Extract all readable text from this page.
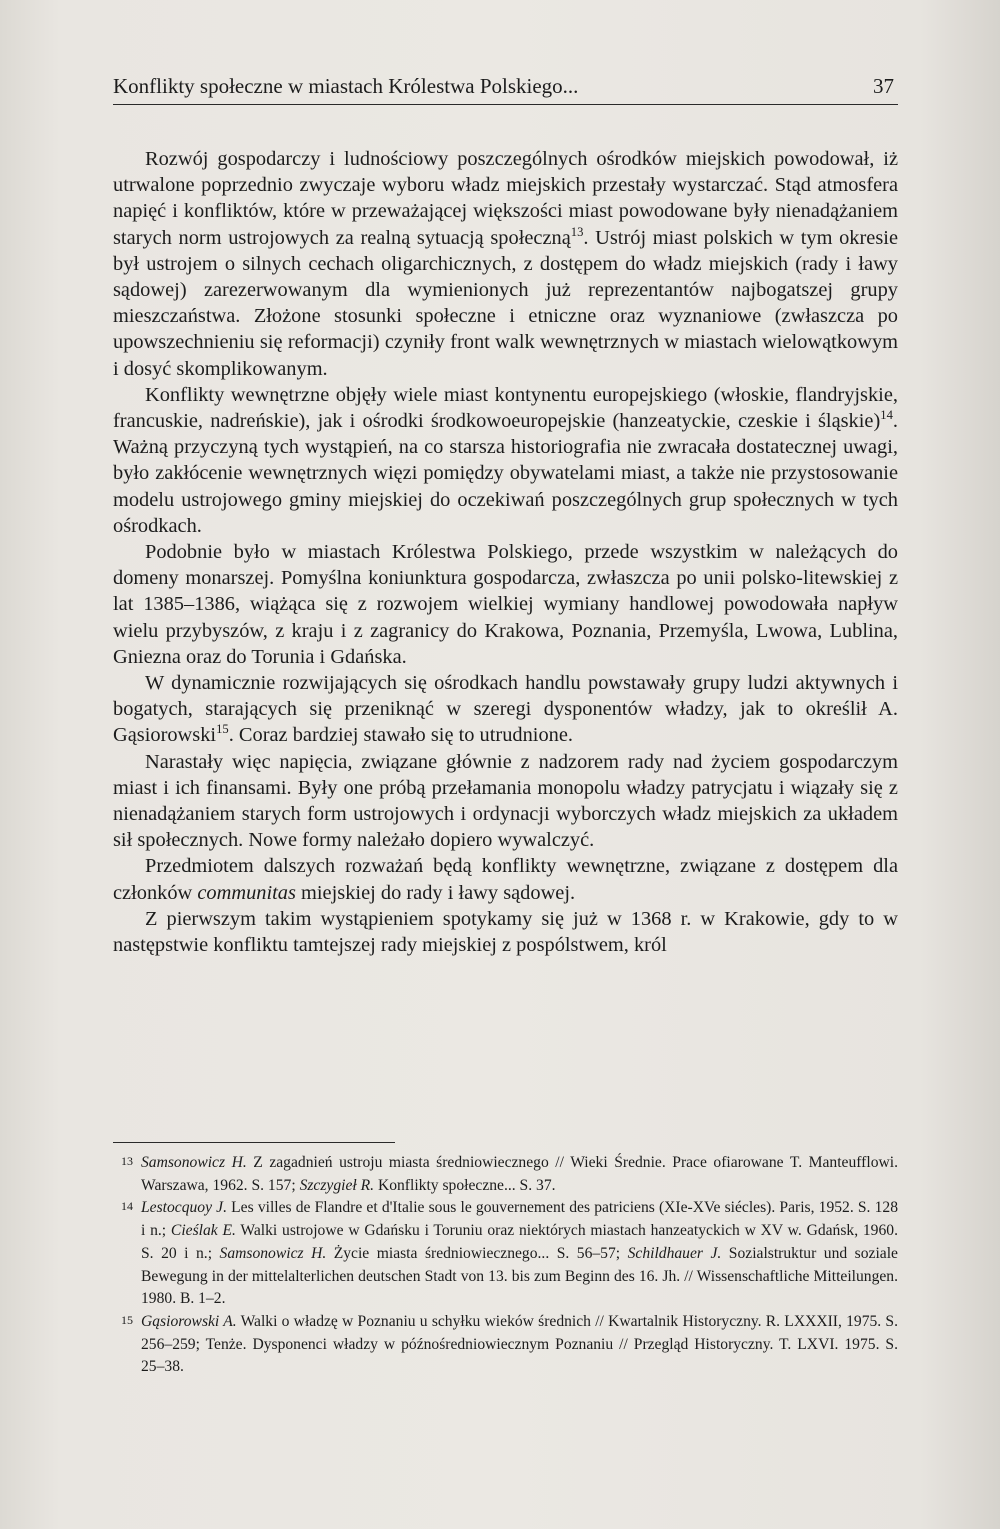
Konflikty społeczne w miastach Królestwa Polskiego...	37

Rozwój gospodarczy i ludnościowy poszczególnych ośrodków miejskich powodował, iż utrwalone poprzednio zwyczaje wyboru władz miejskich przestały wystarczać. Stąd atmosfera napięć i konfliktów, które w przeważającej większości miast powodowane były nienadążaniem starych norm ustrojowych za realną sytuacją społeczną$^{13}$. Ustrój miast polskich w tym okresie był ustrojem o silnych cechach oligarchicznych, z dostępem do władz miejskich (rady i ławy sądowej) zarezerwowanym dla wymienionych już reprezentantów najbogatszej grupy mieszczaństwa. Złożone stosunki społeczne i etniczne oraz wyznaniowe (zwłaszcza po upowszechnieniu się reformacji) czyniły front walk wewnętrznych w miastach wielowątkowym i dosyć skomplikowanym.

Konflikty wewnętrzne objęły wiele miast kontynentu europejskiego (włoskie, flandryjskie, francuskie, nadreńskie), jak i ośrodki środkowoeuropejskie (hanzeatyckie, czeskie i śląskie)$^{14}$. Ważną przyczyną tych wystąpień, na co starsza historiografia nie zwracała dostatecznej uwagi, było zakłócenie wewnętrznych więzi pomiędzy obywatelami miast, a także nie przystosowanie modelu ustrojowego gminy miejskiej do oczekiwań poszczególnych grup społecznych w tych ośrodkach.

Podobnie było w miastach Królestwa Polskiego, przede wszystkim w należących do domeny monarszej. Pomyślna koniunktura gospodarcza, zwłaszcza po unii polsko-litewskiej z lat 1385–1386, wiążąca się z rozwojem wielkiej wymiany handlowej powodowała napływ wielu przybyszów, z kraju i z zagranicy do Krakowa, Poznania, Przemyśla, Lwowa, Lublina, Gniezna oraz do Torunia i Gdańska.

W dynamicznie rozwijających się ośrodkach handlu powstawały grupy ludzi aktywnych i bogatych, starających się przeniknąć w szeregi dysponentów władzy, jak to określił A. Gąsiorowski$^{15}$. Coraz bardziej stawało się to utrudnione.

Narastały więc napięcia, związane głównie z nadzorem rady nad życiem gospodarczym miast i ich finansami. Były one próbą przełamania monopolu władzy patrycjatu i wiązały się z nienadążaniem starych form ustrojowych i ordynacji wyborczych władz miejskich za układem sił społecznych. Nowe formy należało dopiero wywalczyć.

Przedmiotem dalszych rozważań będą konflikty wewnętrzne, związane z dostępem dla członków communitas miejskiej do rady i ławy sądowej.

Z pierwszym takim wystąpieniem spotykamy się już w 1368 r. w Krakowie, gdy to w następstwie konfliktu tamtejszej rady miejskiej z pospólstwem, król

13 Samsonowicz H. Z zagadnień ustroju miasta średniowiecznego // Wieki Średnie. Prace ofiarowane T. Manteufflowi. Warszawa, 1962. S. 157; Szczygieł R. Konflikty społeczne... S. 37.

14 Lestocquoy J. Les villes de Flandre et d'Italie sous le gouvernement des patriciens (XIe-XVe siécles). Paris, 1952. S. 128 i n.; Cieślak E. Walki ustrojowe w Gdańsku i Toruniu oraz niektórych miastach hanzeatyckich w XV w. Gdańsk, 1960. S. 20 i n.; Samsonowicz H. Życie miasta średniowiecznego... S. 56–57; Schildhauer J. Sozialstruktur und soziale Bewegung in der mittelalterlichen deutschen Stadt von 13. bis zum Beginn des 16. Jh. // Wissenschaftliche Mitteilungen. 1980. B. 1–2.

15 Gąsiorowski A. Walki o władzę w Poznaniu u schyłku wieków średnich // Kwartalnik Historyczny. R. LXXXII, 1975. S. 256–259; Tenże. Dysponenci władzy w późnośredniowiecznym Poznaniu // Przegląd Historyczny. T. LXVI. 1975. S. 25–38.
